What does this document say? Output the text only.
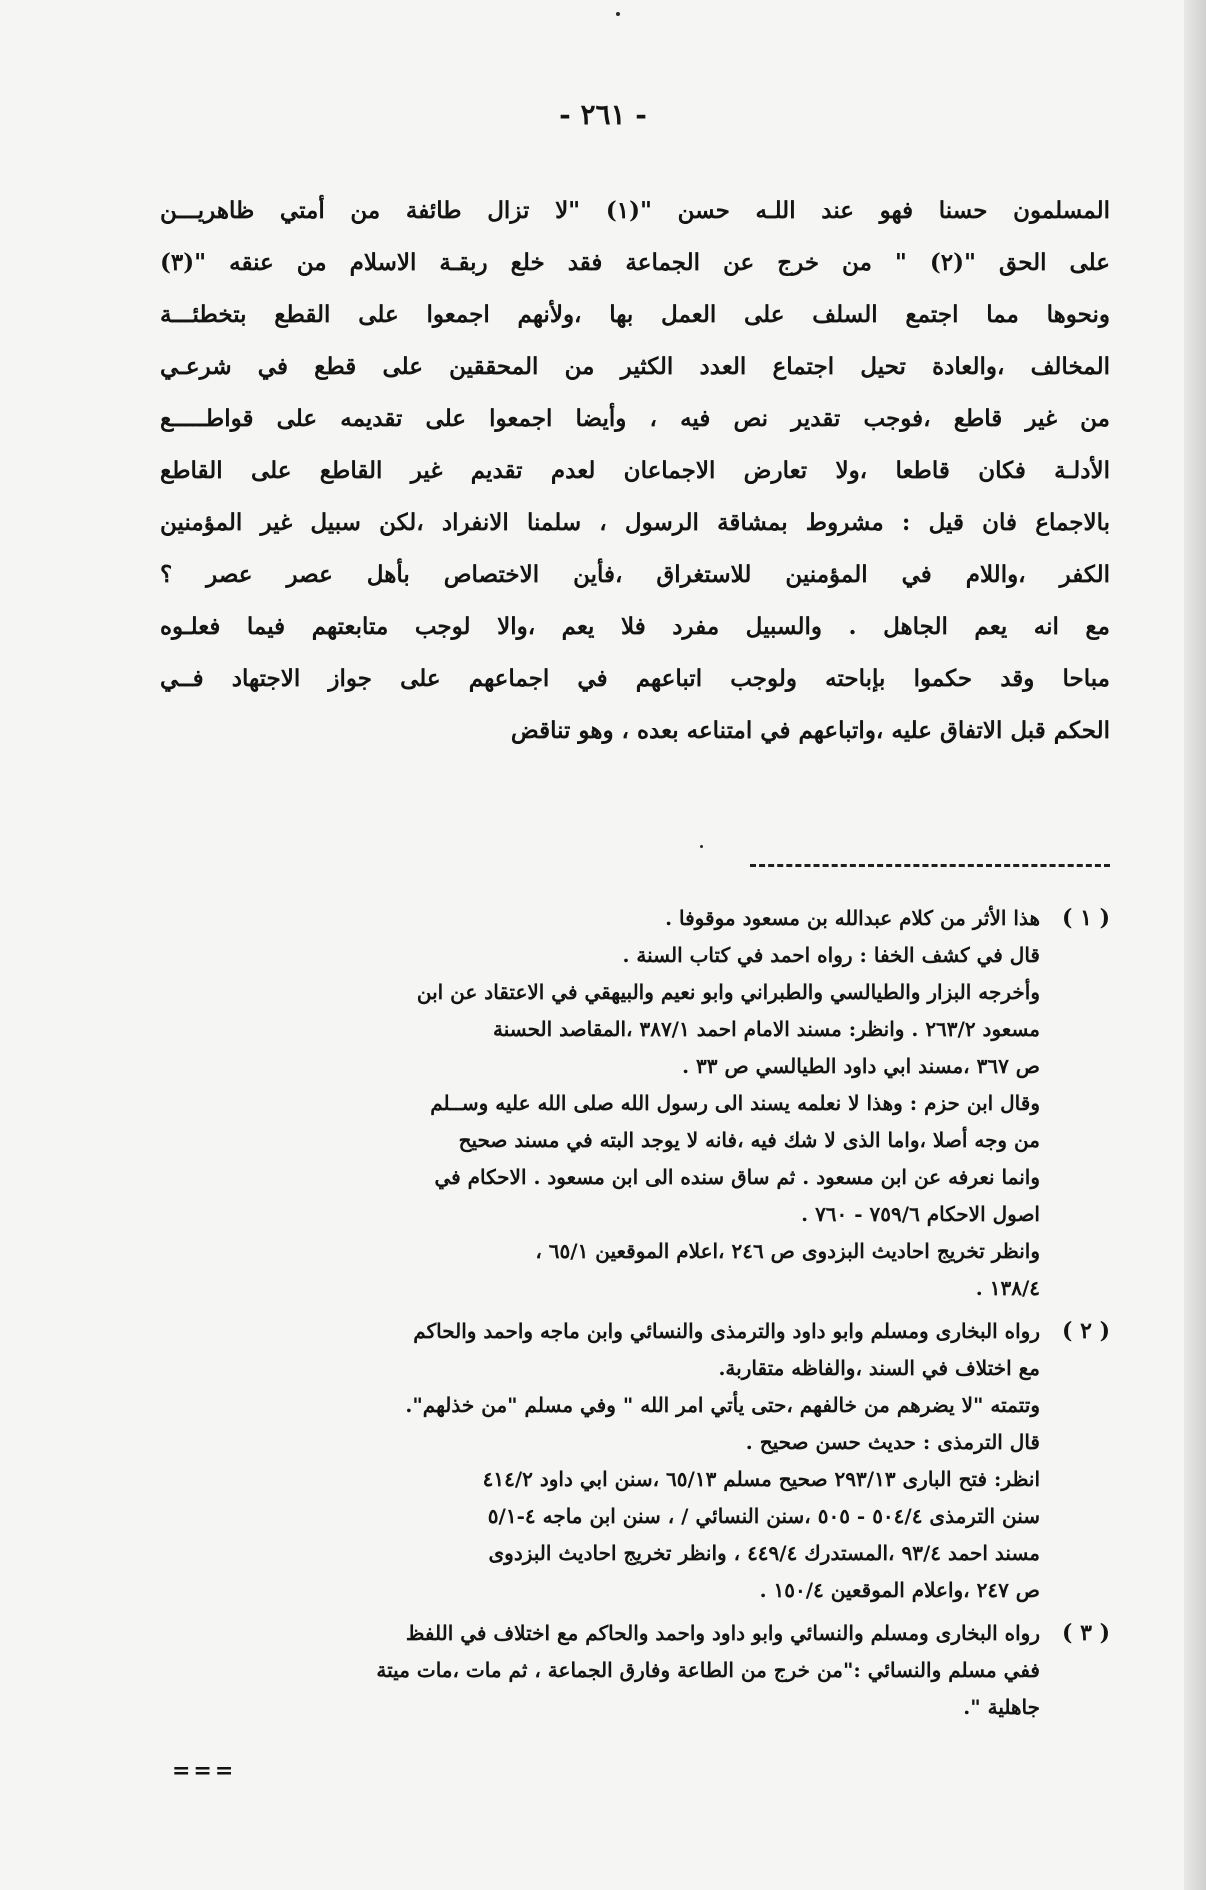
- ٢٦١ -
المسلمون حسنا فهو عند اللـه حسن "(١) "لا تزال طائفة من أمتي ظاهريـــن
على الحق "(٢) " من خرج عن الجماعة فقد خلع ربقـة الاسلام من عنقه "(٣)
ونحوها مما اجتمع السلف على العمل بها ،ولأنهم اجمعوا على القطع بتخطئـــة
المخالف ،والعادة تحيل اجتماع العدد الكثير من المحققين على قطع في شرعـي
من غير قاطع ،فوجب تقدير نص فيه ، وأيضا اجمعوا على تقديمه على قواطـــــع
الأدلـة فكان قاطعا ،ولا تعارض الاجماعان لعدم تقديم غير القاطع على القاطع
بالاجماع فان قيل : مشروط بمشاقة الرسول ، سلمنا الانفراد ،لكن سبيل غير المؤمنين
الكفر ،واللام في المؤمنين للاستغراق ،فأين الاختصاص بأهل عصر عصر ؟
مع انه يعم الجاهل . والسبيل مفرد فلا يعم ،والا لوجب متابعتهم فيما فعلـوه
مباحا وقد حكموا بإباحته ولوجب اتباعهم في اجماعهم على جواز الاجتهاد فــي
الحكم قبل الاتفاق عليه ،واتباعهم في امتناعه بعده ، وهو تناقض
( ١ )
هذا الأثر من كلام عبدالله بن مسعود موقوفا .
قال في كشف الخفا : رواه احمد في كتاب السنة .
وأخرجه البزار والطيالسي والطبراني وابو نعيم والبيهقي في الاعتقاد عن ابن
مسعود ٢٦٣/٢ . وانظر: مسند الامام احمد ٣٨٧/١ ،المقاصد الحسنة
ص ٣٦٧ ،مسند ابي داود الطيالسي ص ٣٣ .
وقال ابن حزم : وهذا لا نعلمه يسند الى رسول الله صلى الله عليه وســلم
من وجه أصلا ،واما الذى لا شك فيه ،فانه لا يوجد البته في مسند صحيح
وانما نعرفه عن ابن مسعود . ثم ساق سنده الى ابن مسعود . الاحكام في
اصول الاحكام ٧٥٩/٦ - ٧٦٠ .
وانظر تخريج احاديث البزدوى ص ٢٤٦ ،اعلام الموقعين ٦٥/١ ،
١٣٨/٤ .
( ٢ )
رواه البخارى ومسلم وابو داود والترمذى والنسائي وابن ماجه واحمد والحاكم
مع اختلاف في السند ،والفاظه متقاربة.
وتتمته "لا يضرهم من خالفهم ،حتى يأتي امر الله " وفي مسلم "من خذلهم".
قال الترمذى : حديث حسن صحيح .
انظر: فتح البارى ٢٩٣/١٣ صحيح مسلم ٦٥/١٣ ،سنن ابي داود ٤١٤/٢
سنن الترمذى ٥٠٤/٤ - ٥٠٥ ،سنن النسائي / ، سنن ابن ماجه ٤-٥/١
مسند احمد ٩٣/٤ ،المستدرك ٤٤٩/٤ ، وانظر تخريج احاديث البزدوى
ص ٢٤٧ ،واعلام الموقعين ١٥٠/٤ .
( ٣ )
رواه البخارى ومسلم والنسائي وابو داود واحمد والحاكم مع اختلاف في اللفظ
ففي مسلم والنسائي :"من خرج من الطاعة وفارق الجماعة ، ثم مات ،مات ميتة
جاهلية ".
===
